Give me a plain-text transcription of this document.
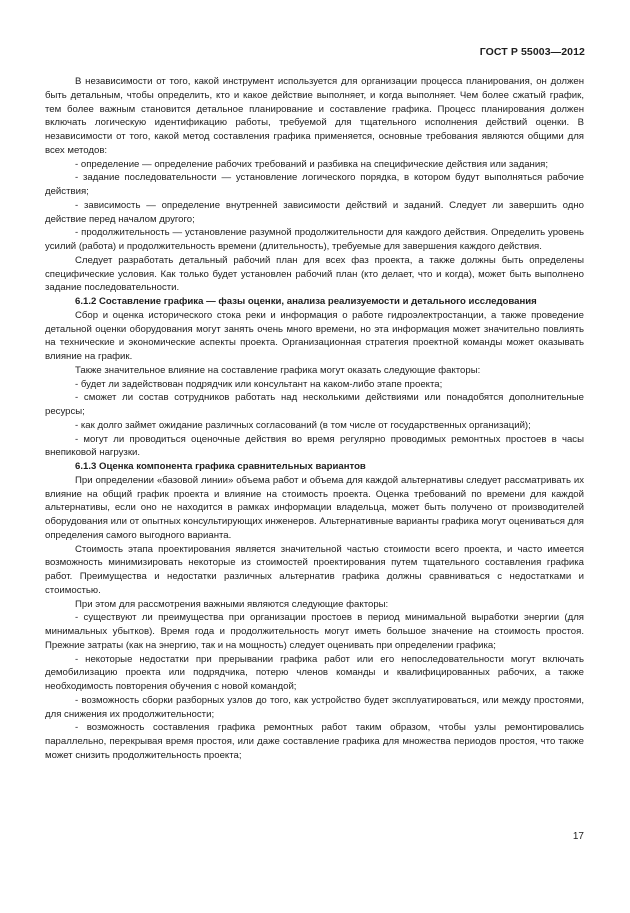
ГОСТ Р 55003—2012

В независимости от того, какой инструмент используется для организации процесса планирования, он должен быть детальным, чтобы определить, кто и какое действие выполняет, и когда выполняет. Чем более сжатый график, тем более важным становится детальное планирование и составление графика. Процесс планирования должен включать логическую идентификацию работы, требуемой для тщательного исполнения действий оценки. В независимости от того, какой метод составления графика применяется, основные требования являются общими для всех методов:

- определение — определение рабочих требований и разбивка на специфические действия или задания;

- задание последовательности — установление логического порядка, в котором будут выполняться рабочие действия;

- зависимость — определение внутренней зависимости действий и заданий. Следует ли завершить одно действие перед началом другого;

- продолжительность — установление разумной продолжительности для каждого действия. Определить уровень усилий (работа) и продолжительность времени (длительность), требуемые для завершения каждого действия.

Следует разработать детальный рабочий план для всех фаз проекта, а также должны быть определены специфические условия. Как только будет установлен рабочий план (кто делает, что и когда), может быть выполнено задание последовательности.

6.1.2 Составление графика — фазы оценки, анализа реализуемости и детального исследования

Сбор и оценка исторического стока реки и информация о работе гидроэлектростанции, а также проведение детальной оценки оборудования могут занять очень много времени, но эта информация может значительно повлиять на технические и экономические аспекты проекта. Организационная стратегия проектной команды может оказывать влияние на график.

Также значительное влияние на составление графика могут оказать следующие факторы:

- будет ли задействован подрядчик или консультант на каком-либо этапе проекта;

- сможет ли состав сотрудников работать над несколькими действиями или понадобятся дополнительные ресурсы;

- как долго займет ожидание различных согласований (в том числе от государственных организаций);

- могут ли проводиться оценочные действия во время регулярно проводимых ремонтных простоев в часы внепиковой нагрузки.

6.1.3 Оценка компонента графика сравнительных вариантов

При определении «базовой линии» объема работ и объема для каждой альтернативы следует рассматривать их влияние на общий график проекта и влияние на стоимость проекта. Оценка требований по времени для каждой альтернативы, если оно не находится в рамках информации владельца, может быть получено от производителей оборудования или от опытных консультирующих инженеров. Альтернативные варианты графика могут оцениваться для определения самого выгодного варианта.

Стоимость этапа проектирования является значительной частью стоимости всего проекта, и часто имеется возможность минимизировать некоторые из стоимостей проектирования путем тщательного составления графика работ. Преимущества и недостатки различных альтернатив графика должны сравниваться с недостатками и стоимостью.

При этом для рассмотрения важными являются следующие факторы:

- существуют ли преимущества при организации простоев в период минимальной выработки энергии (для минимальных убытков). Время года и продолжительность могут иметь большое значение на стоимость простоя. Прежние затраты (как на энергию, так и на мощность) следует оценивать при определении графика;

- некоторые недостатки при прерывании графика работ или его непоследовательности могут включать демобилизацию проекта или подрядчика, потерю членов команды и квалифицированных рабочих, а также необходимость повторения обучения с новой командой;

- возможность сборки разборных узлов до того, как устройство будет эксплуатироваться, или между простоями, для снижения их продолжительности;

- возможность составления графика ремонтных работ таким образом, чтобы узлы ремонтировались параллельно, перекрывая время простоя, или даже составление графика для множества периодов простоя, что также может снизить продолжительность проекта;

17
